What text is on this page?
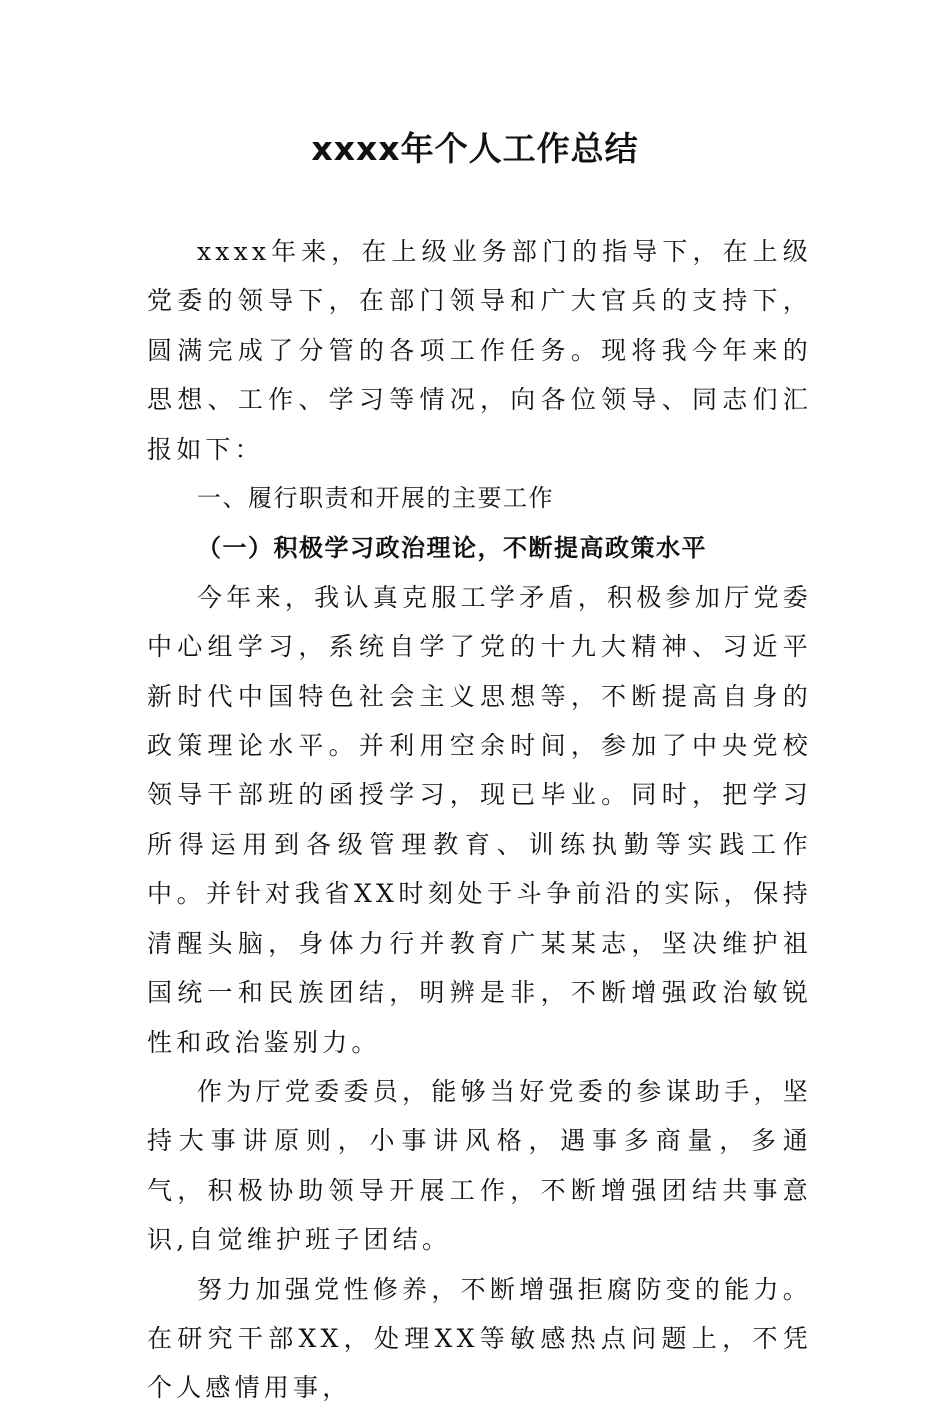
xxxx年个人工作总结

xxxx年来，在上级业务部门的指导下，在上级党委的领导下，在部门领导和广大官兵的支持下，圆满完成了分管的各项工作任务。现将我今年来的思想、工作、学习等情况，向各位领导、同志们汇报如下：

一、履行职责和开展的主要工作

（一）积极学习政治理论，不断提高政策水平

今年来，我认真克服工学矛盾，积极参加厅党委中心组学习，系统自学了党的十九大精神、习近平新时代中国特色社会主义思想等，不断提高自身的政策理论水平。并利用空余时间，参加了中央党校领导干部班的函授学习，现已毕业。同时，把学习所得运用到各级管理教育、训练执勤等实践工作中。并针对我省XX时刻处于斗争前沿的实际，保持清醒头脑，身体力行并教育广某某志，坚决维护祖国统一和民族团结，明辨是非，不断增强政治敏锐性和政治鉴别力。

作为厅党委委员，能够当好党委的参谋助手，坚持大事讲原则，小事讲风格，遇事多商量，多通气，积极协助领导开展工作，不断增强团结共事意识,自觉维护班子团结。

努力加强党性修养，不断增强拒腐防变的能力。在研究干部XX，处理XX等敏感热点问题上，不凭个人感情用事，
